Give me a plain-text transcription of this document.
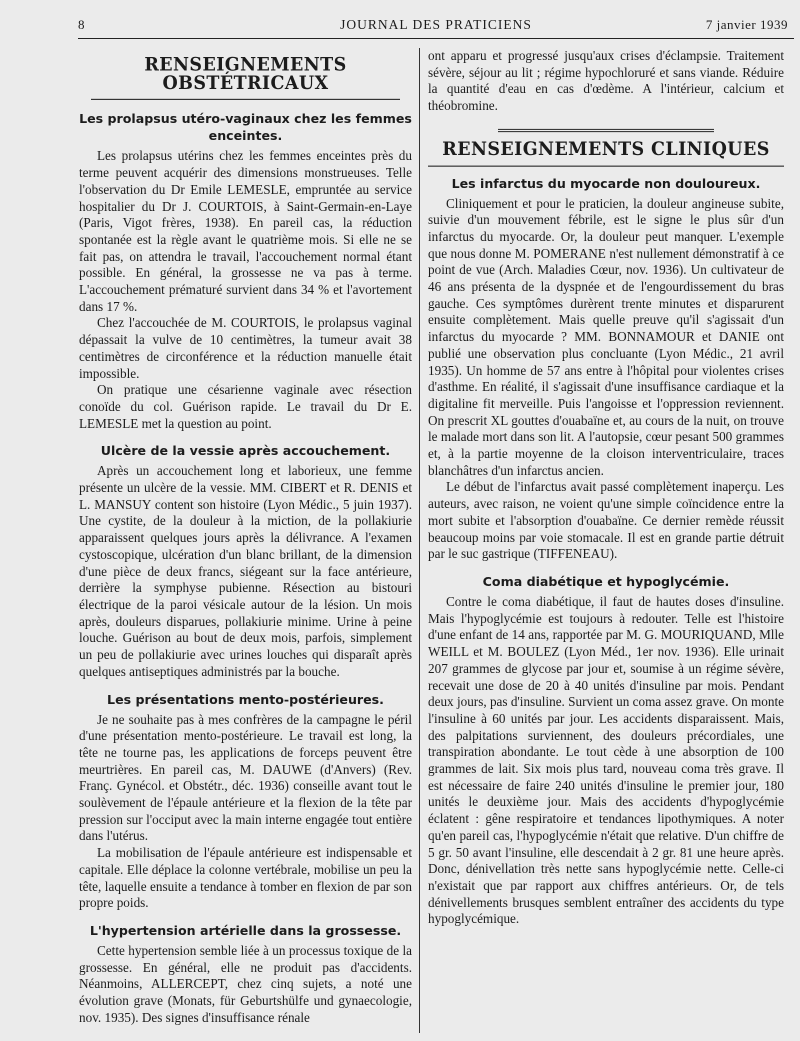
8	JOURNAL DES PRATICIENS	7 janvier 1939
RENSEIGNEMENTS OBSTÉTRICAUX
Les prolapsus utéro-vaginaux chez les femmes enceintes.

Les prolapsus utérins chez les femmes enceintes près du terme peuvent acquérir des dimensions monstrueuses. Telle l'observation du Dr Emile LEMESLE, empruntée au service hospitalier du Dr J. COURTOIS, à Saint-Germain-en-Laye (Paris, Vigot frères, 1938). En pareil cas, la réduction spontanée est la règle avant le quatrième mois. Si elle ne se fait pas, on attendra le travail, l'accouchement normal étant possible. En général, la grossesse ne va pas à terme. L'accouchement prématuré survient dans 34 % et l'avortement dans 17 %.

Chez l'accouchée de M. COURTOIS, le prolapsus vaginal dépassait la vulve de 10 centimètres, la tumeur avait 38 centimètres de circonférence et la réduction manuelle était impossible.

On pratique une césarienne vaginale avec résection conoïde du col. Guérison rapide. Le travail du Dr E. LEMESLE met la question au point.

Ulcère de la vessie après accouchement.

Après un accouchement long et laborieux, une femme présente un ulcère de la vessie. MM. CIBERT et R. DENIS et L. MANSUY content son histoire (Lyon Médic., 5 juin 1937). Une cystite, de la douleur à la miction, de la pollakiurie apparaissent quelques jours après la délivrance. A l'examen cystoscopique, ulcération d'un blanc brillant, de la dimension d'une pièce de deux francs, siégeant sur la face antérieure, derrière la symphyse pubienne. Résection au bistouri électrique de la paroi vésicale autour de la lésion. Un mois après, douleurs disparues, pollakiurie minime. Urine à peine louche. Guérison au bout de deux mois, parfois, simplement un peu de pollakiurie avec urines louches qui disparaît après quelques antiseptiques administrés par la bouche.

Les présentations mento-postérieures.

Je ne souhaite pas à mes confrères de la campagne le péril d'une présentation mento-postérieure. Le travail est long, la tête ne tourne pas, les applications de forceps peuvent être meurtrières. En pareil cas, M. DAUWE (d'Anvers) (Rev. Franç. Gynécol. et Obstétr., déc. 1936) conseille avant tout le soulèvement de l'épaule antérieure et la flexion de la tête par pression sur l'occiput avec la main interne engagée tout entière dans l'utérus.

La mobilisation de l'épaule antérieure est indispensable et capitale. Elle déplace la colonne vertébrale, mobilise un peu la tête, laquelle ensuite a tendance à tomber en flexion de par son propre poids.

L'hypertension artérielle dans la grossesse.

Cette hypertension semble liée à un processus toxique de la grossesse. En général, elle ne produit pas d'accidents. Néanmoins, ALLERCEPT, chez cinq sujets, a noté une évolution grave (Monats, für Geburtshülfe und gynaecologie, nov. 1935). Des signes d'insuffisance rénale

ont apparu et progressé jusqu'aux crises d'éclampsie. Traitement sévère, séjour au lit ; régime hypochloruré et sans viande. Réduire la quantité d'eau en cas d'œdème. A l'intérieur, calcium et théobromine.

RENSEIGNEMENTS CLINIQUES
Les infarctus du myocarde non douloureux.

Cliniquement et pour le praticien, la douleur angineuse subite, suivie d'un mouvement fébrile, est le signe le plus sûr d'un infarctus du myocarde. Or, la douleur peut manquer. L'exemple que nous donne M. POMERANE n'est nullement démonstratif à ce point de vue (Arch. Maladies Cœur, nov. 1936). Un cultivateur de 46 ans présenta de la dyspnée et de l'engourdissement du bras gauche. Ces symptômes durèrent trente minutes et disparurent ensuite complètement. Mais quelle preuve qu'il s'agissait d'un infarctus du myocarde ? MM. BONNAMOUR et DANIE ont publié une observation plus concluante (Lyon Médic., 21 avril 1935). Un homme de 57 ans entre à l'hôpital pour violentes crises d'asthme. En réalité, il s'agissait d'une insuffisance cardiaque et la digitaline fit merveille. Puis l'angoisse et l'oppression reviennent. On prescrit XL gouttes d'ouabaïne et, au cours de la nuit, on trouve le malade mort dans son lit. A l'autopsie, cœur pesant 500 grammes et, à la partie moyenne de la cloison interventriculaire, traces blanchâtres d'un infarctus ancien.

Le début de l'infarctus avait passé complètement inaperçu. Les auteurs, avec raison, ne voient qu'une simple coïncidence entre la mort subite et l'absorption d'ouabaïne. Ce dernier remède réussit beaucoup moins par voie stomacale. Il est en grande partie détruit par le suc gastrique (TIFFENEAU).

Coma diabétique et hypoglycémie.

Contre le coma diabétique, il faut de hautes doses d'insuline. Mais l'hypoglycémie est toujours à redouter. Telle est l'histoire d'une enfant de 14 ans, rapportée par M. G. MOURIQUAND, Mlle WEILL et M. BOULEZ (Lyon Méd., 1er nov. 1936). Elle urinait 207 grammes de glycose par jour et, soumise à un régime sévère, recevait une dose de 20 à 40 unités d'insuline par mois. Pendant deux jours, pas d'insuline. Survient un coma assez grave. On monte l'insuline à 60 unités par jour. Les accidents disparaissent. Mais, des palpitations surviennent, des douleurs précordiales, une transpiration abondante. Le tout cède à une absorption de 100 grammes de lait. Six mois plus tard, nouveau coma très grave. Il est nécessaire de faire 240 unités d'insuline le premier jour, 180 unités le deuxième jour. Mais des accidents d'hypoglycémie éclatent : gêne respiratoire et tendances lipothymiques. A noter qu'en pareil cas, l'hypoglycémie n'était que relative. D'un chiffre de 5 gr. 50 avant l'insuline, elle descendait à 2 gr. 81 une heure après. Donc, dénivellation très nette sans hypoglycémie nette. Celle-ci n'existait que par rapport aux chiffres antérieurs. Or, de tels dénivellements brusques semblent entraîner des accidents du type hypoglycémique.
